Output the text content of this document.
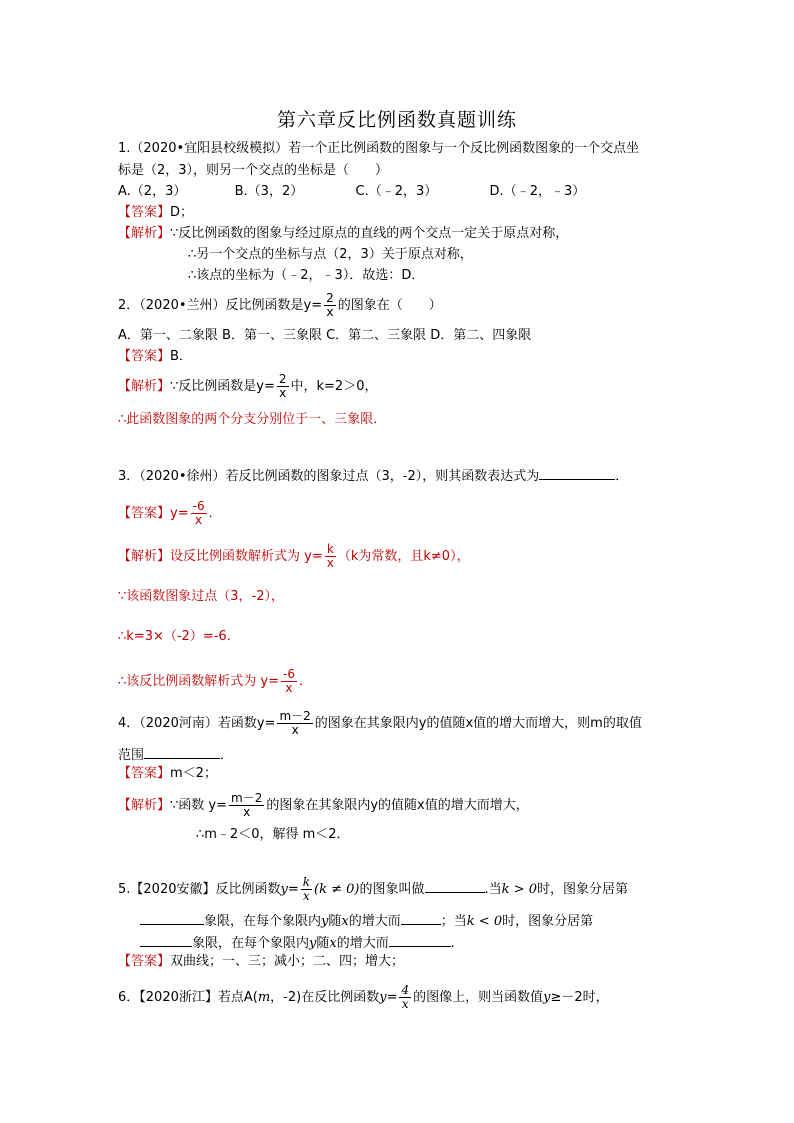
第六章反比例函数真题训练
1.（2020•宜阳县校级模拟）若一个正比例函数的图象与一个反比例函数图象的一个交点坐
标是（2，3），则另一个交点的坐标是（　　）
A.（2，3）	B.（3，2）	C.（﹣2，3）	D.（﹣2，﹣3）
【答案】D；
【解析】∵反比例函数的图象与经过原点的直线的两个交点一定关于原点对称，
∴另一个交点的坐标与点（2，3）关于原点对称，
∴该点的坐标为（﹣2，﹣3）．故选：D．
2．（2020•兰州）反比例函数是$y= \frac{2}{x}$ 的图象在（　　）
A．第一、二象限 B．第一、三象限 C．第二、三象限 D．第二、四象限
【答案】B．
【解析】∵反比例函数是$y= \frac{2}{x}$ 中，k=2＞0，
∴此函数图象的两个分支分别位于一、三象限．
3．（2020•徐州）若反比例函数的图象过点（3，-2），则其函数表达式为	．
【答案】$y= \frac{-6}{x}$ ．
【解析】设反比例函数解析式为 $y= \frac{k}{x} (k$为常数，且k≠0），
∵该函数图象过点（3，-2），
∴k=3×（-2）=-6．
∴该反比例函数解析式为 $y= \frac{-6}{x}$ ．
4．（2020河南）若函数$y= \frac{m-2}{x}$ 的图象在其象限内y的值随x值的增大而增大，则m的取值
范围	．
【答案】m＜2；
【解析】∵函数 $y= \frac{m-2}{x}$ 的图象在其象限内y的值随x值的增大而增大，
∴m﹣2＜0，解得 m＜2．
5.【2020安徽】反比例函数$y= \frac{k}{x} (k \ne 0)$的图象叫做	.当k > 0时，图象分居第
象限，在每个象限内y随x的增大而	；当k < 0时，图象分居第
象限，在每个象限内y随x的增大而	.
【答案】双曲线；一、三；减小；二、四；增大；
6．【2020浙江】若点A(m，-2)在反比例函数$y= \frac{4}{x}$ 的图像上，则当函数值y≥－2时，
